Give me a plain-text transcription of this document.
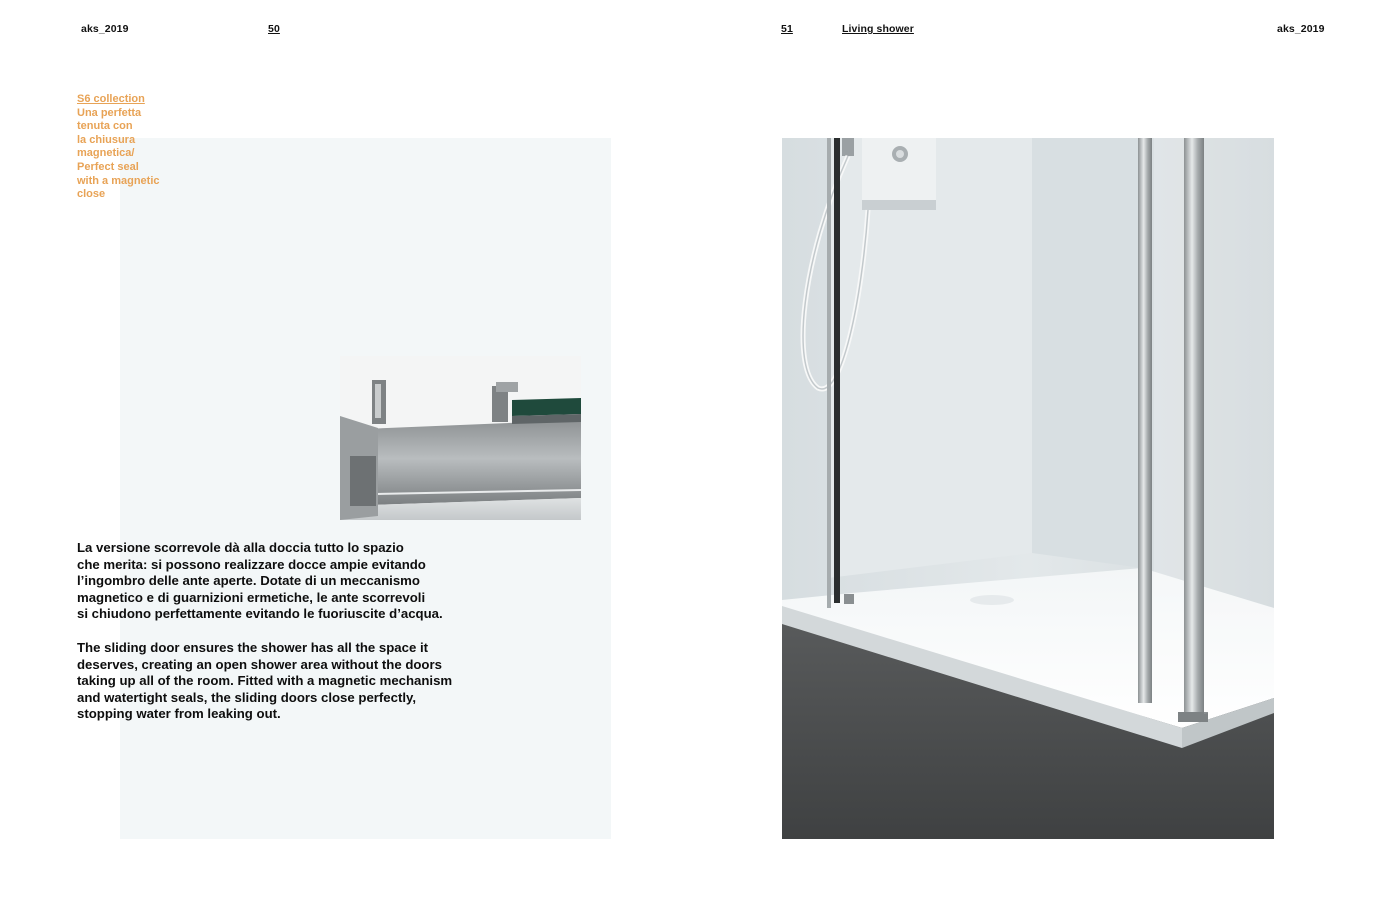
aks_2019	50	51	Living shower	aks_2019
S6 collection
Una perfetta
tenuta con
la chiusura
magnetica/
Perfect seal
with a magnetic
close
La versione scorrevole dà alla doccia tutto lo spazio
che merita: si possono realizzare docce ampie evitando
l’ingombro delle ante aperte. Dotate di un meccanismo
magnetico e di guarnizioni ermetiche, le ante scorrevoli
si chiudono perfettamente evitando le fuoriuscite d’acqua.
The sliding door ensures the shower has all the space it
deserves, creating an open shower area without the doors
taking up all of the room. Fitted with a magnetic mechanism
and watertight seals, the sliding doors close perfectly,
stopping water from leaking out.
